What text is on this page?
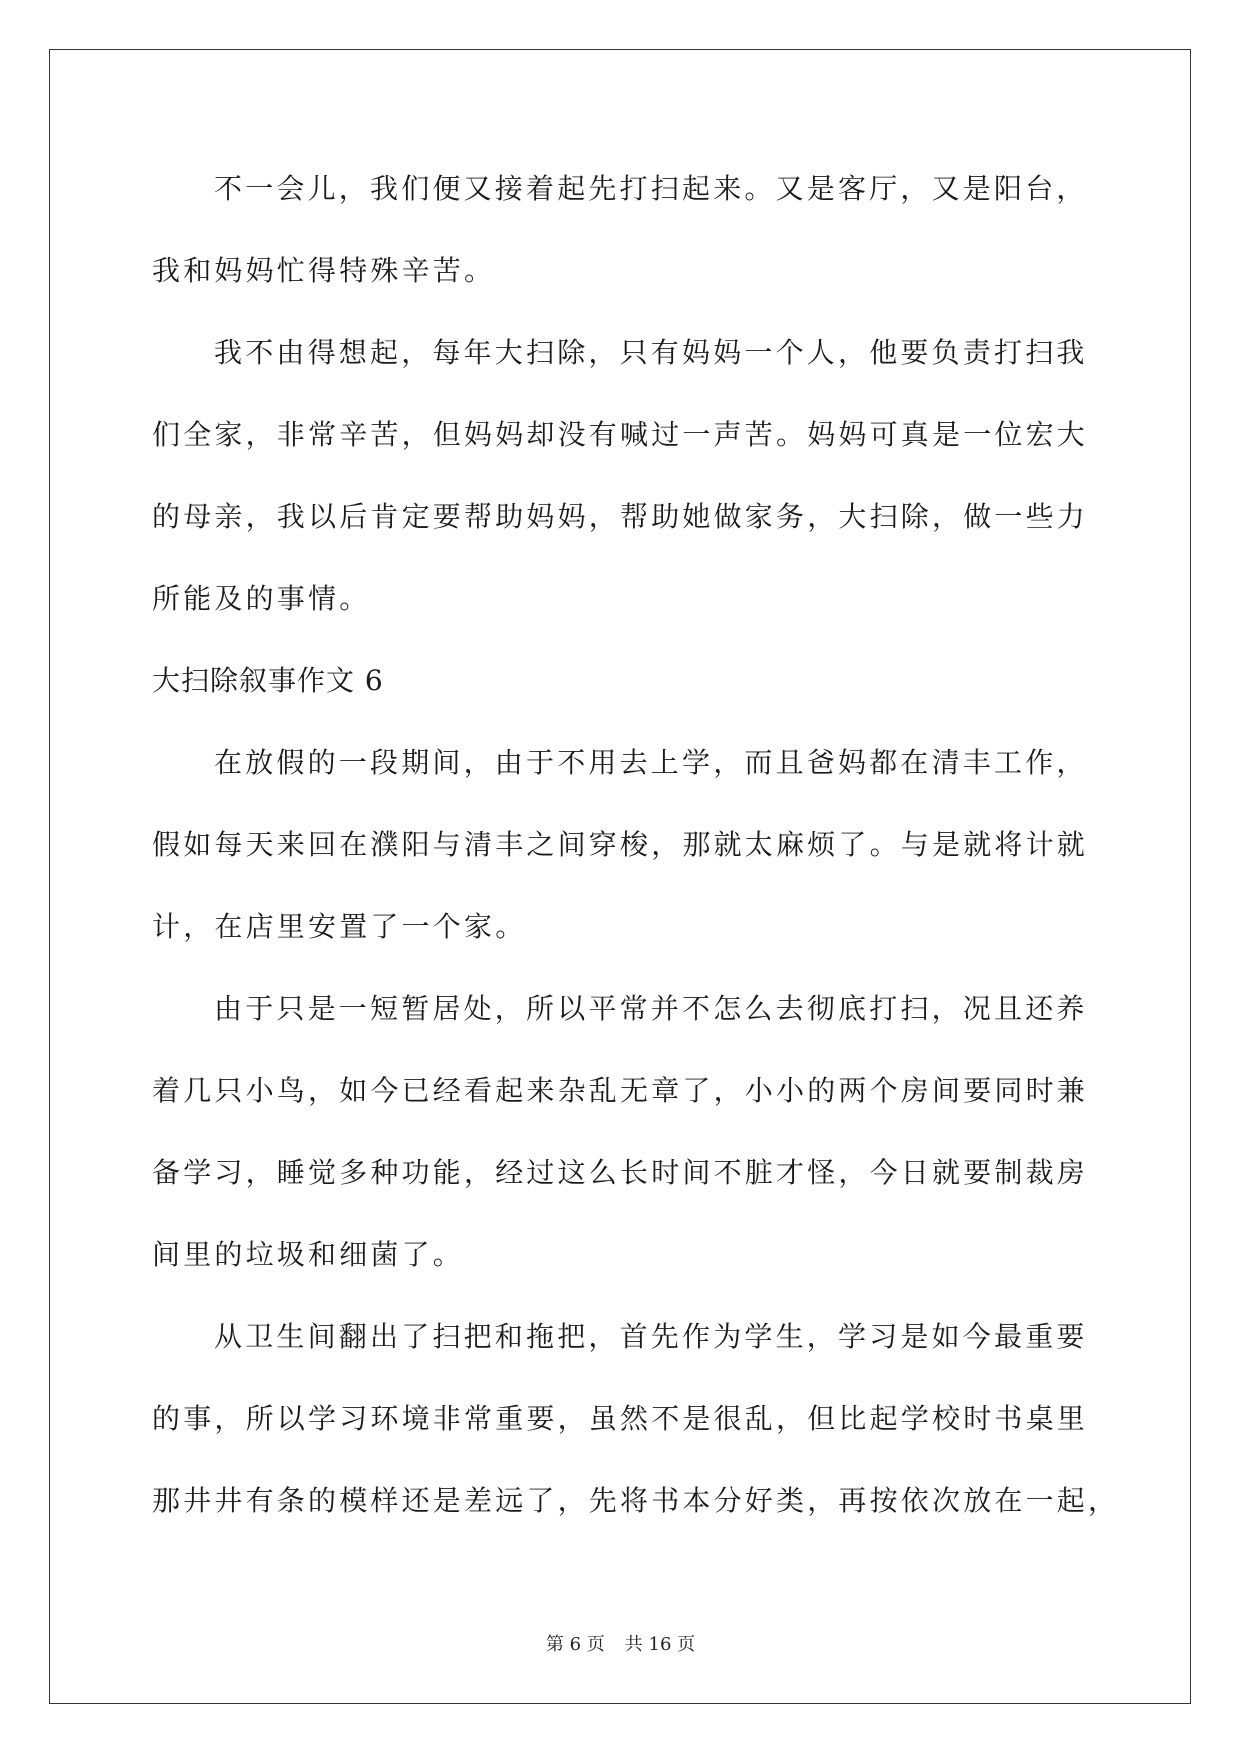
不一会儿，我们便又接着起先打扫起来。又是客厅，又是阳台，
我和妈妈忙得特殊辛苦。
我不由得想起，每年大扫除，只有妈妈一个人，他要负责打扫我
们全家，非常辛苦，但妈妈却没有喊过一声苦。妈妈可真是一位宏大
的母亲，我以后肯定要帮助妈妈，帮助她做家务，大扫除，做一些力
所能及的事情。
大扫除叙事作文 6
在放假的一段期间，由于不用去上学，而且爸妈都在清丰工作，
假如每天来回在濮阳与清丰之间穿梭，那就太麻烦了。与是就将计就
计，在店里安置了一个家。
由于只是一短暂居处，所以平常并不怎么去彻底打扫，况且还养
着几只小鸟，如今已经看起来杂乱无章了，小小的两个房间要同时兼
备学习，睡觉多种功能，经过这么长时间不脏才怪，今日就要制裁房
间里的垃圾和细菌了。
从卫生间翻出了扫把和拖把，首先作为学生，学习是如今最重要
的事，所以学习环境非常重要，虽然不是很乱，但比起学校时书桌里
那井井有条的模样还是差远了，先将书本分好类，再按依次放在一起，
第 6 页 共 16 页
